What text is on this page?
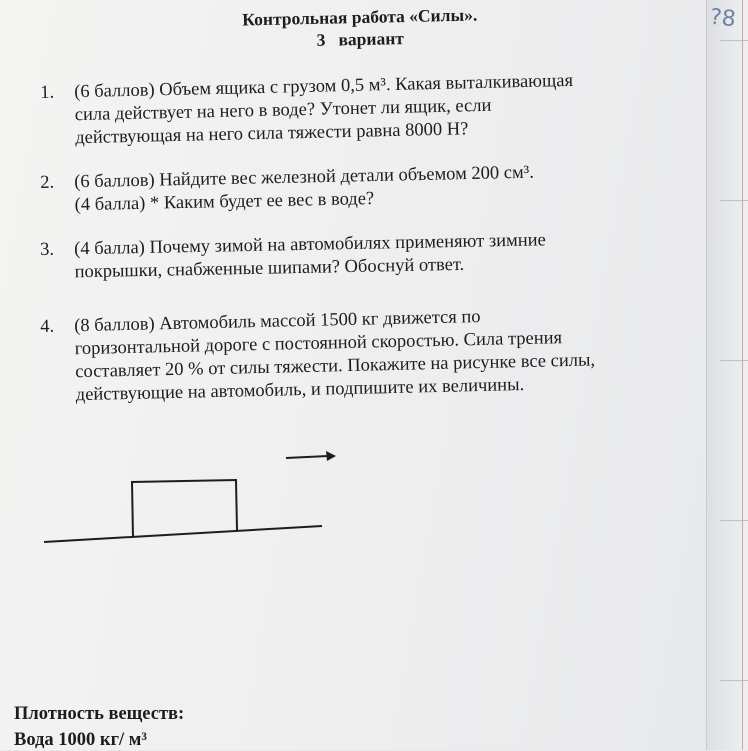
?8
Контрольная работа «Силы».
3   вариант
1. (6 баллов) Объем ящика с грузом 0,5 м³. Какая выталкивающая
сила действует на него в воде? Утонет ли ящик, если
действующая на него сила тяжести равна 8000 Н?
2. (6 баллов) Найдите вес железной детали объемом 200 см³.
(4 балла) * Каким будет ее вес в воде?
3. (4 балла) Почему зимой на автомобилях применяют зимние
покрышки, снабженные шипами? Обоснуй ответ.
4. (8 баллов) Автомобиль массой 1500 кг движется по
горизонтальной дороге с постоянной скоростью. Сила трения
составляет 20 % от силы тяжести. Покажите на рисунке все силы,
действующие на автомобиль, и подпишите их величины.
Плотность веществ:
Вода 1000 кг/ м³
